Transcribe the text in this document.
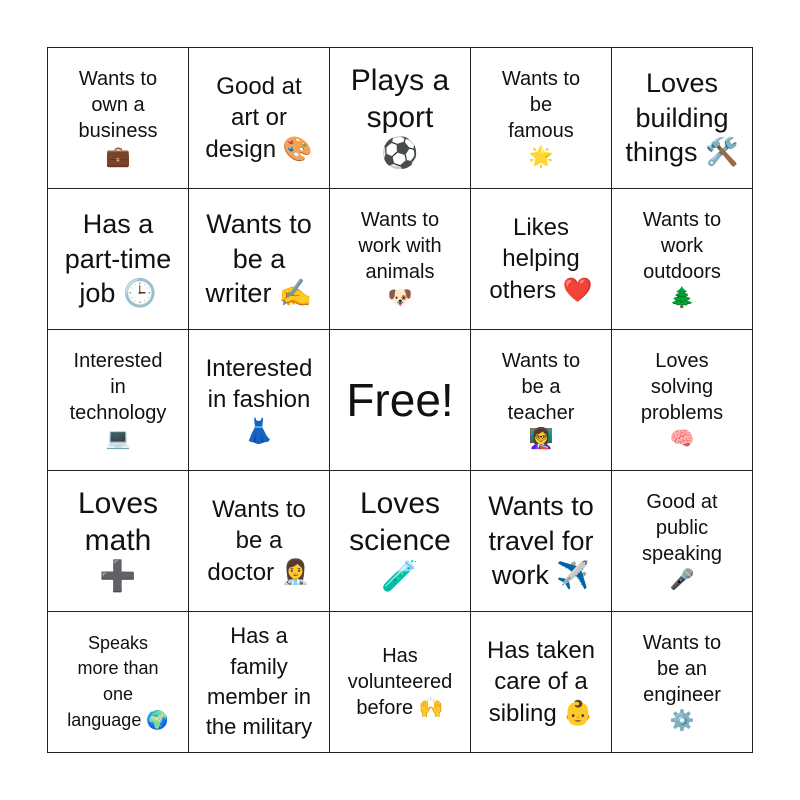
Wants to
own a
business
💼
Good at
art or
design 🎨
Plays a
sport
⚽
Wants to
be
famous
🌟
Loves
building
things 🛠️
Has a
part-time
job 🕒
Wants to
be a
writer ✍️
Wants to
work with
animals
🐶
Likes
helping
others ❤️
Wants to
work
outdoors
🌲
Interested
in
technology
💻
Interested
in fashion
👗
Free!
Wants to
be a
teacher
👩‍🏫
Loves
solving
problems
🧠
Loves
math
➕
Wants to
be a
doctor 👩‍⚕️
Loves
science
🧪
Wants to
travel for
work ✈️
Good at
public
speaking
🎤
Speaks
more than
one
language 🌍
Has a
family
member in
the military
Has
volunteered
before 🙌
Has taken
care of a
sibling 👶
Wants to
be an
engineer
⚙️
